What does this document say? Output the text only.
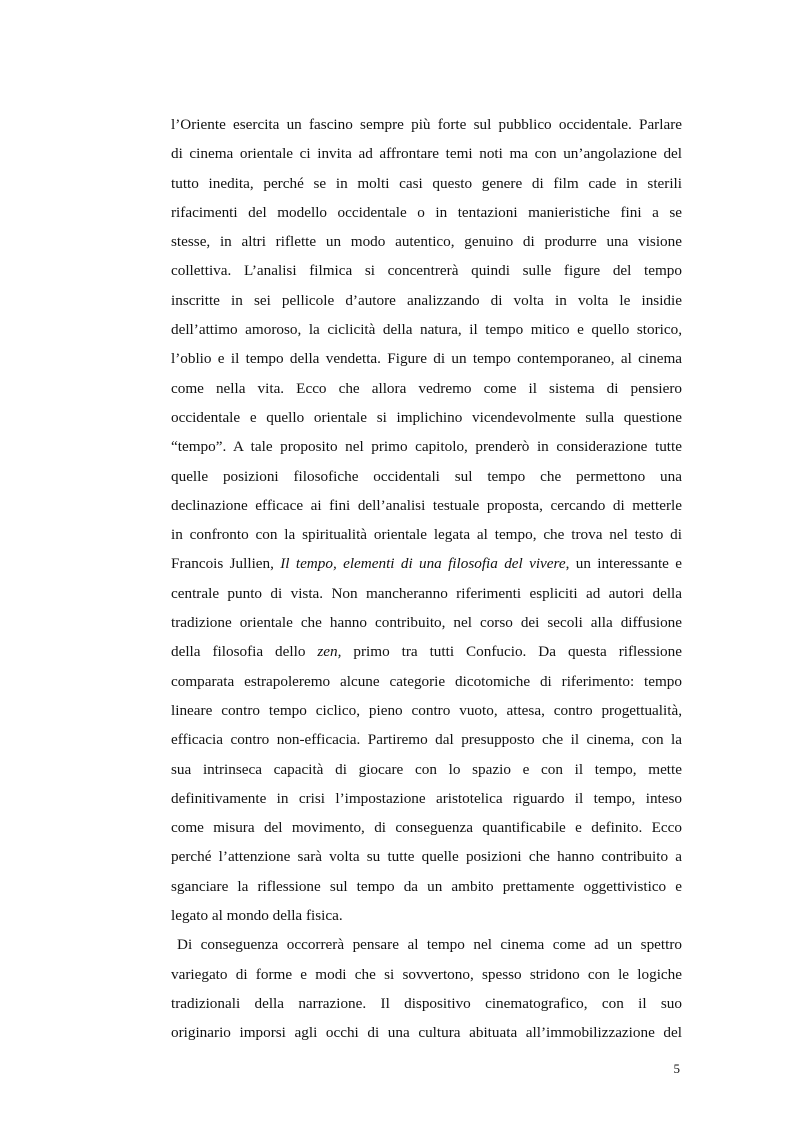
l’Oriente esercita un fascino sempre più forte sul pubblico occidentale. Parlare
di cinema orientale ci invita ad affrontare temi noti ma con un’angolazione del
tutto inedita, perché se in molti casi questo genere di film cade in sterili
rifacimenti del modello occidentale o in tentazioni manieristiche fini a se
stesse, in altri riflette un modo autentico, genuino di produrre una visione
collettiva. L’analisi filmica si concentrerà quindi sulle figure del tempo
inscritte in sei pellicole d’autore analizzando di volta in volta le insidie
dell’attimo amoroso, la ciclicità della natura, il tempo mitico e quello storico,
l’oblio e il tempo della vendetta. Figure di un tempo contemporaneo, al cinema
come nella vita. Ecco che allora vedremo come il sistema di pensiero
occidentale e quello orientale si implichino vicendevolmente sulla questione
“tempo”. A tale proposito nel primo capitolo, prenderò in considerazione tutte
quelle posizioni filosofiche occidentali sul tempo che permettono una
declinazione efficace ai fini dell’analisi testuale proposta, cercando di metterle
in confronto con la spiritualità orientale legata al tempo, che trova nel testo di
Francois Jullien, Il tempo, elementi di una filosofia del vivere, un interessante e
centrale punto di vista. Non mancheranno riferimenti espliciti ad autori della
tradizione orientale che hanno contribuito, nel corso dei secoli alla diffusione
della filosofia dello zen, primo tra tutti Confucio. Da questa riflessione
comparata estrapoleremo alcune categorie dicotomiche di riferimento: tempo
lineare contro tempo ciclico, pieno contro vuoto, attesa, contro progettualità,
efficacia contro non-efficacia. Partiremo dal presupposto che il cinema, con la
sua intrinseca capacità di giocare con lo spazio e con il tempo, mette
definitivamente in crisi l’impostazione aristotelica riguardo il tempo, inteso
come misura del movimento, di conseguenza quantificabile e definito. Ecco
perché l’attenzione sarà volta su tutte quelle posizioni che hanno contribuito a
sganciare la riflessione sul tempo da un ambito prettamente oggettivistico e
legato al mondo della fisica.
Di conseguenza occorrerà pensare al tempo nel cinema come ad un spettro
variegato di forme e modi che si sovvertono, spesso stridono con le logiche
tradizionali della narrazione. Il dispositivo cinematografico, con il suo
originario imporsi agli occhi di una cultura abituata all’immobilizzazione del
5
